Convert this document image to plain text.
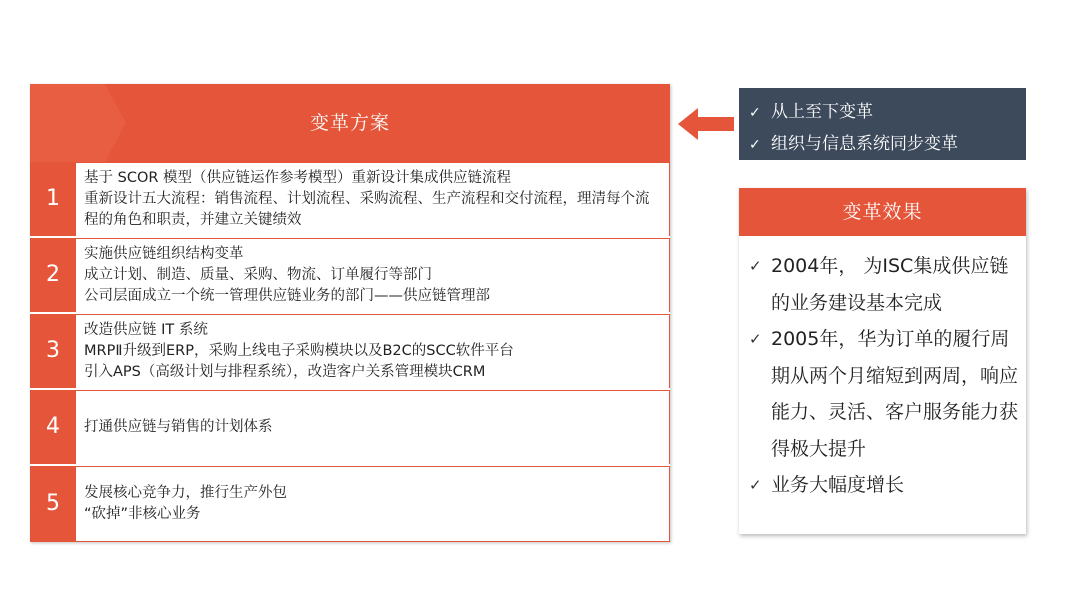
变革方案
1
基于 SCOR 模型（供应链运作参考模型）重新设计集成供应链流程
重新设计五大流程：销售流程、计划流程、采购流程、生产流程和交付流程，理清每个流程的角色和职责，并建立关键绩效
2
实施供应链组织结构变革
成立计划、制造、质量、采购、物流、订单履行等部门
公司层面成立一个统一管理供应链业务的部门——供应链管理部
3
改造供应链 IT 系统
MRPⅡ升级到ERP，采购上线电子采购模块以及B2C的SCC软件平台
引入APS（高级计划与排程系统），改造客户关系管理模块CRM
4	打通供应链与销售的计划体系
5	发展核心竞争力，推行生产外包
“砍掉”非核心业务
✓ 从上至下变革
✓ 组织与信息系统同步变革
变革效果
✓ 2004年， 为ISC集成供应链的业务建设基本完成
✓ 2005年，华为订单的履行周期从两个月缩短到两周，响应能力、灵活、客户服务能力获得极大提升
✓ 业务大幅度增长
